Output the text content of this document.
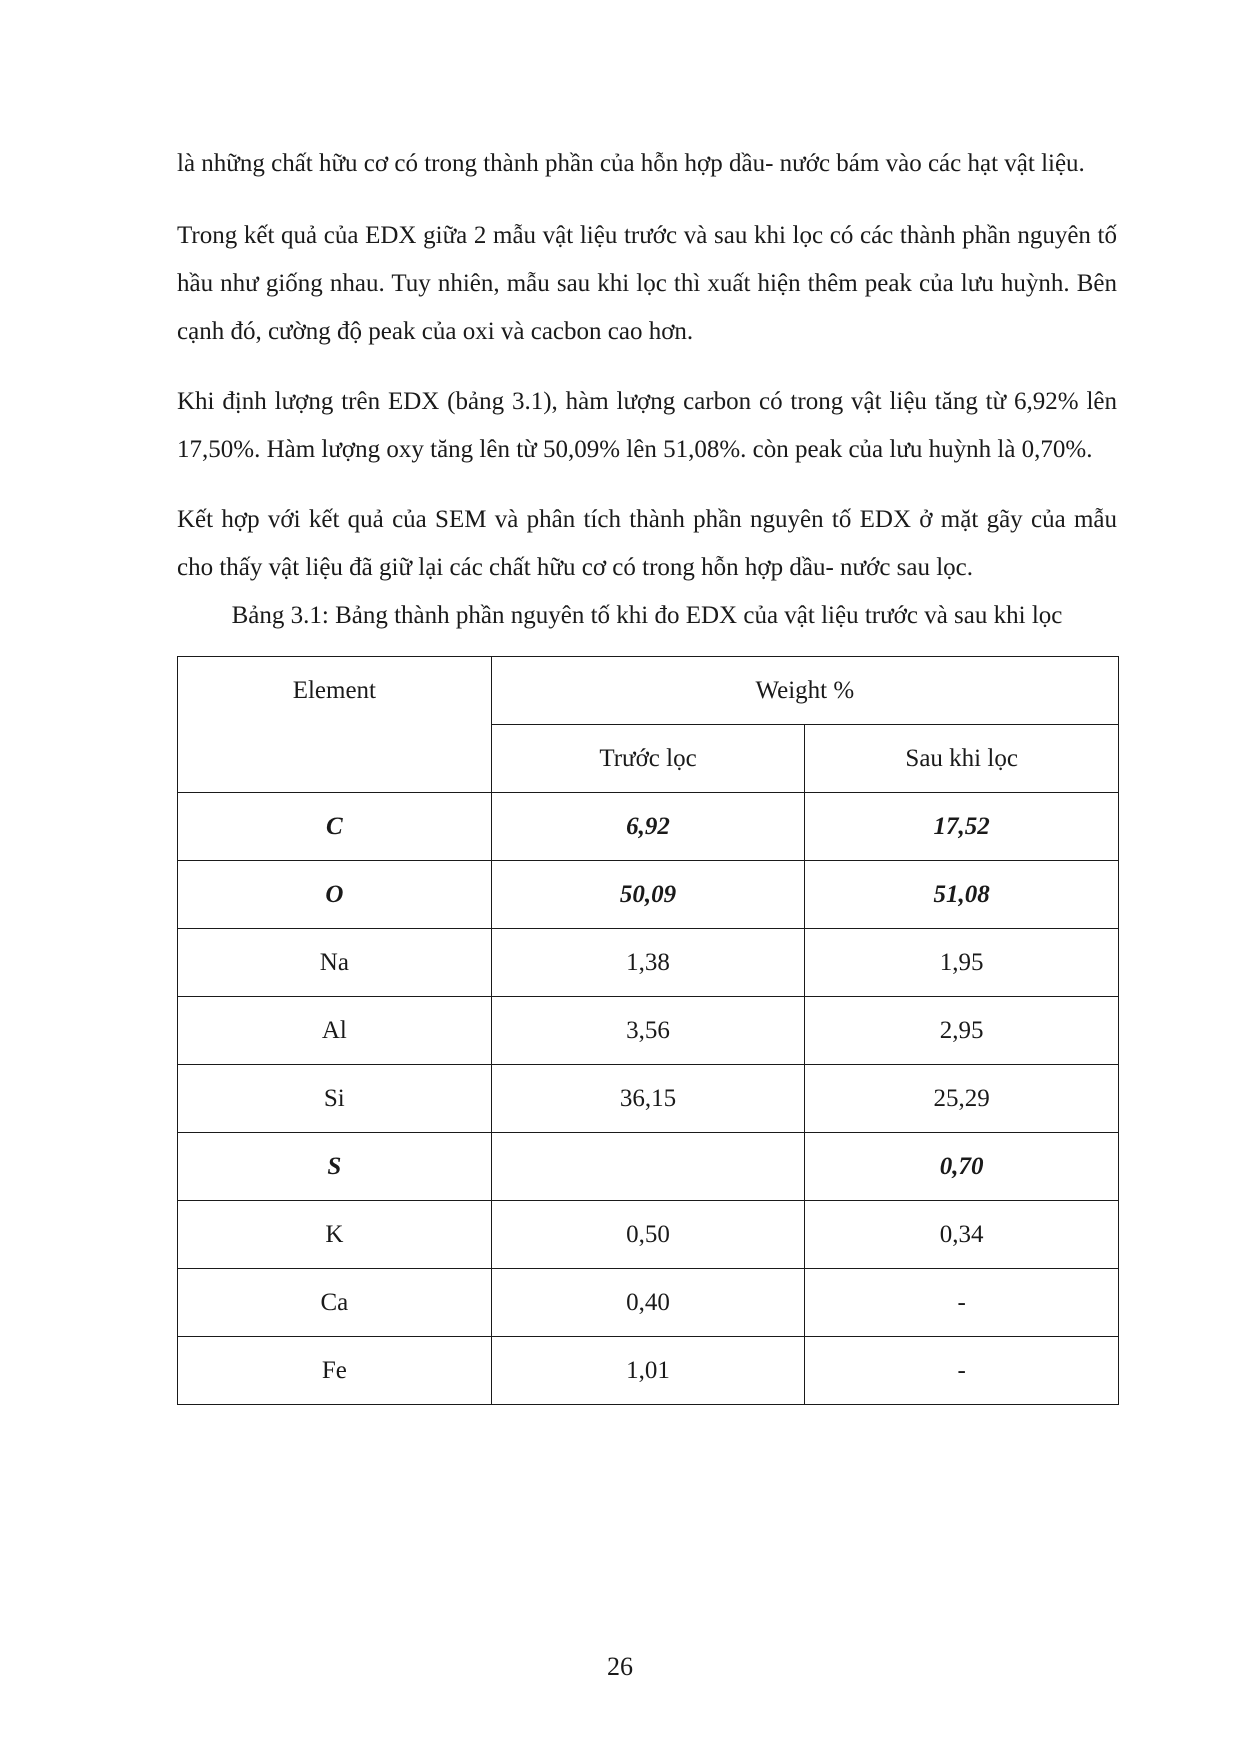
là những chất hữu cơ có trong thành phần của hỗn hợp dầu- nước bám vào các hạt vật liệu.

Trong kết quả của EDX giữa 2 mẫu vật liệu trước và sau khi lọc có các thành phần nguyên tố hầu như giống nhau. Tuy nhiên, mẫu sau khi lọc thì xuất hiện thêm peak của lưu huỳnh. Bên cạnh đó, cường độ peak của oxi và cacbon cao hơn.

Khi định lượng trên EDX (bảng 3.1), hàm lượng carbon có trong vật liệu tăng từ 6,92% lên 17,50%. Hàm lượng oxy tăng lên từ 50,09% lên 51,08%. còn peak của lưu huỳnh là 0,70%.

Kết hợp với kết quả của SEM và phân tích thành phần nguyên tố EDX ở mặt gãy của mẫu cho thấy vật liệu đã giữ lại các chất hữu cơ có trong hỗn hợp dầu- nước sau lọc.

Bảng 3.1: Bảng thành phần nguyên tố khi đo EDX của vật liệu trước và sau khi lọc
Element	Weight %	
	Trước lọc	Sau khi lọc
C	6,92	17,52
O	50,09	51,08
Na	1,38	1,95
Al	3,56	2,95
Si	36,15	25,29
S		0,70
K	0,50	0,34
Ca	0,40	-
Fe	1,01	-
26
